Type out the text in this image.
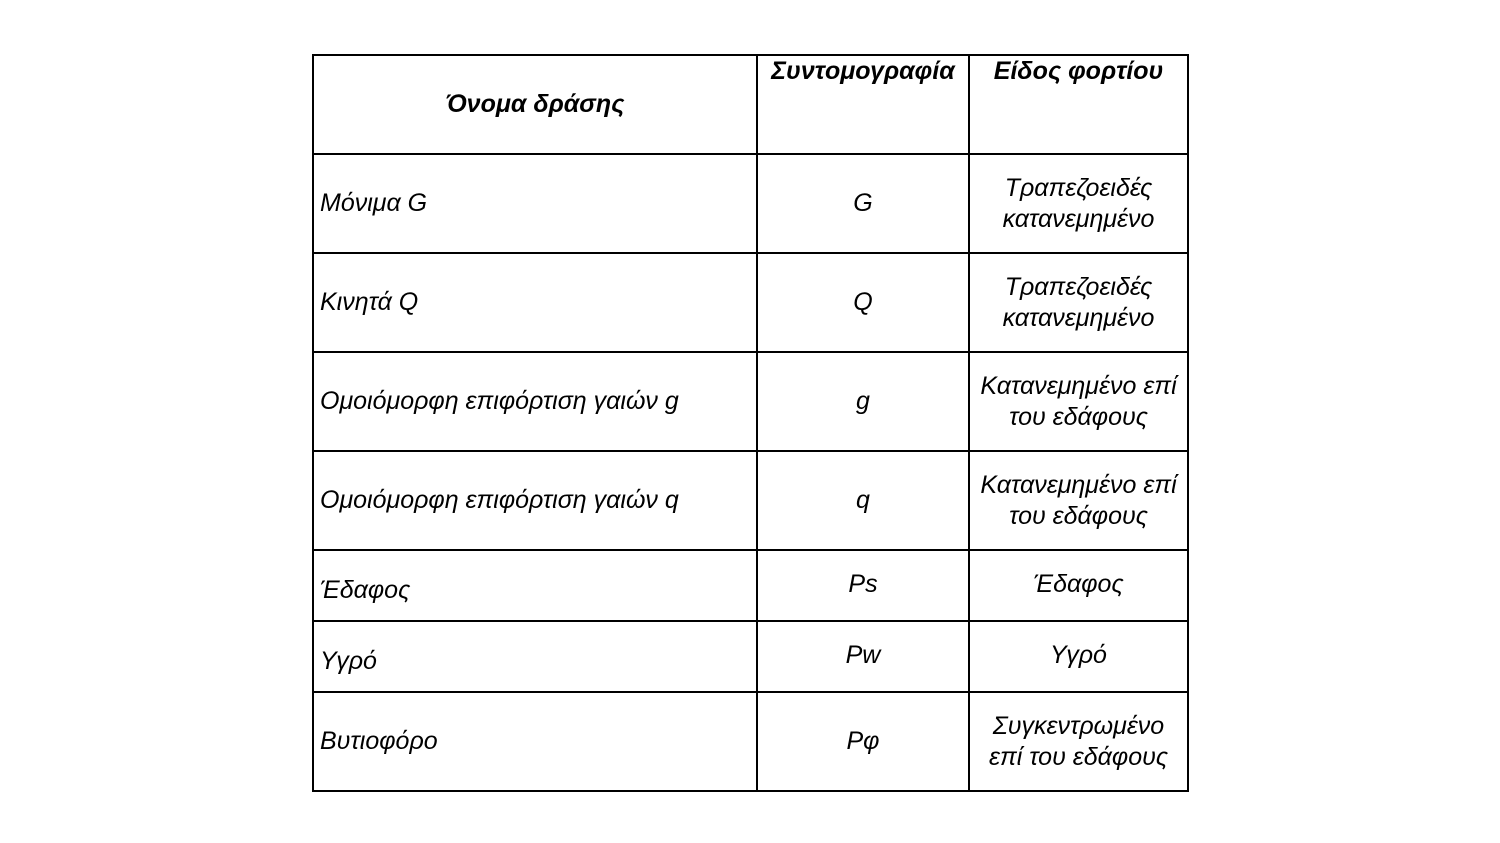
Όνομα δράσης	Συντομογραφία	Είδος φορτίου
Μόνιμα G	G	Τραπεζοειδές κατανεμημένο
Κινητά Q	Q	Τραπεζοειδές κατανεμημένο
Ομοιόμορφη επιφόρτιση γαιών g	g	Κατανεμημένο επί του εδάφους
Ομοιόμορφη επιφόρτιση γαιών q	q	Κατανεμημένο επί του εδάφους
Έδαφος	Ps	Έδαφος
Υγρό	Pw	Υγρό
Βυτιοφόρο	Pφ	Συγκεντρωμένο επί του εδάφους
